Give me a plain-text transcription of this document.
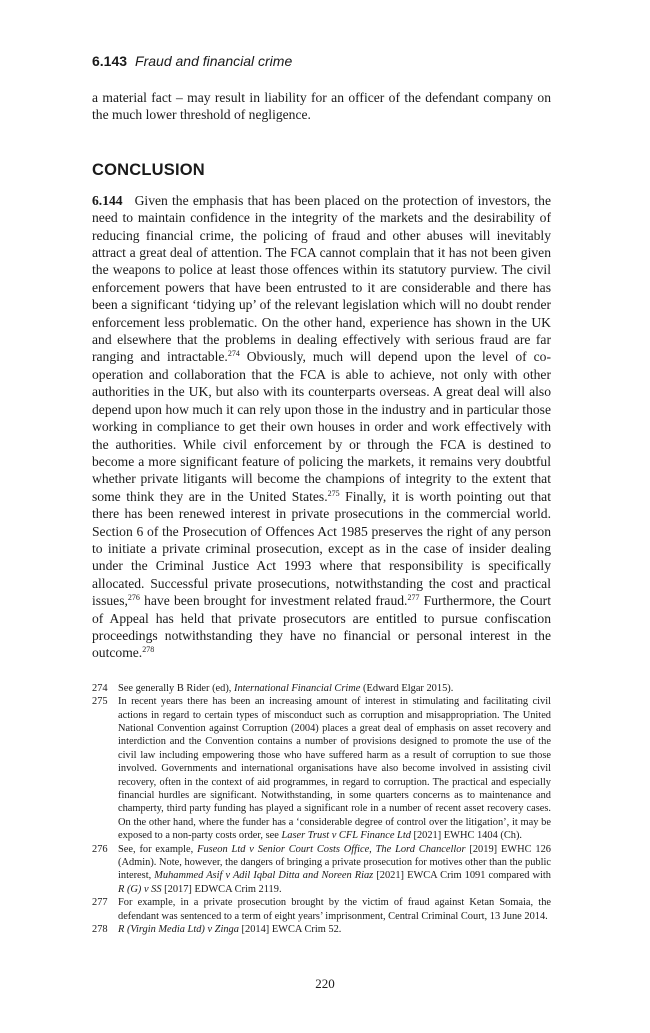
6.143 Fraud and financial crime

a material fact – may result in liability for an officer of the defendant company on the much lower threshold of negligence.

CONCLUSION

6.144 Given the emphasis that has been placed on the protection of investors, the need to maintain confidence in the integrity of the markets and the desirability of reducing financial crime, the policing of fraud and other abuses will inevitably attract a great deal of attention. The FCA cannot complain that it has not been given the weapons to police at least those offences within its statutory purview. The civil enforcement powers that have been entrusted to it are considerable and there has been a significant ‘tidying up’ of the relevant legislation which will no doubt render enforcement less problematic. On the other hand, experience has shown in the UK and elsewhere that the problems in dealing effectively with serious fraud are far ranging and intractable.$^{274}$ Obviously, much will depend upon the level of co-operation and collaboration that the FCA is able to achieve, not only with other authorities in the UK, but also with its counterparts overseas. A great deal will also depend upon how much it can rely upon those in the industry and in particular those working in compliance to get their own houses in order and work effectively with the authorities. While civil enforcement by or through the FCA is destined to become a more significant feature of policing the markets, it remains very doubtful whether private litigants will become the champions of integrity to the extent that some think they are in the United States.$^{275}$ Finally, it is worth pointing out that there has been renewed interest in private prosecutions in the commercial world. Section 6 of the Prosecution of Offences Act 1985 preserves the right of any person to initiate a private criminal prosecution, except as in the case of insider dealing under the Criminal Justice Act 1993 where that responsibility is specifically allocated. Successful private prosecutions, notwithstanding the cost and practical issues,$^{276}$ have been brought for investment related fraud.$^{277}$ Furthermore, the Court of Appeal has held that private prosecutors are entitled to pursue confiscation proceedings notwithstanding they have no financial or personal interest in the outcome.$^{278}$

274	See generally B Rider (ed), International Financial Crime (Edward Elgar 2015).
275	In recent years there has been an increasing amount of interest in stimulating and facilitating civil actions in regard to certain types of misconduct such as corruption and misappropriation. The United National Convention against Corruption (2004) places a great deal of emphasis on asset recovery and interdiction and the Convention contains a number of provisions designed to promote the use of the civil law including empowering those who have suffered harm as a result of corruption to sue those involved. Governments and international organisations have also become involved in assisting civil recovery, often in the context of aid programmes, in regard to corruption. The practical and especially financial hurdles are significant. Notwithstanding, in some quarters concerns as to maintenance and champerty, third party funding has played a significant role in a number of recent asset recovery cases. On the other hand, where the funder has a ‘considerable degree of control over the litigation’, it may be exposed to a non-party costs order, see Laser Trust v CFL Finance Ltd [2021] EWHC 1404 (Ch).
276	See, for example, Fuseon Ltd v Senior Court Costs Office, The Lord Chancellor [2019] EWHC 126 (Admin). Note, however, the dangers of bringing a private prosecution for motives other than the public interest, Muhammed Asif v Adil Iqbal Ditta and Noreen Riaz [2021] EWCA Crim 1091 compared with R (G) v SS [2017] EDWCA Crim 2119.
277	For example, in a private prosecution brought by the victim of fraud against Ketan Somaia, the defendant was sentenced to a term of eight years’ imprisonment, Central Criminal Court, 13 June 2014.
278	R (Virgin Media Ltd) v Zinga [2014] EWCA Crim 52.
220
